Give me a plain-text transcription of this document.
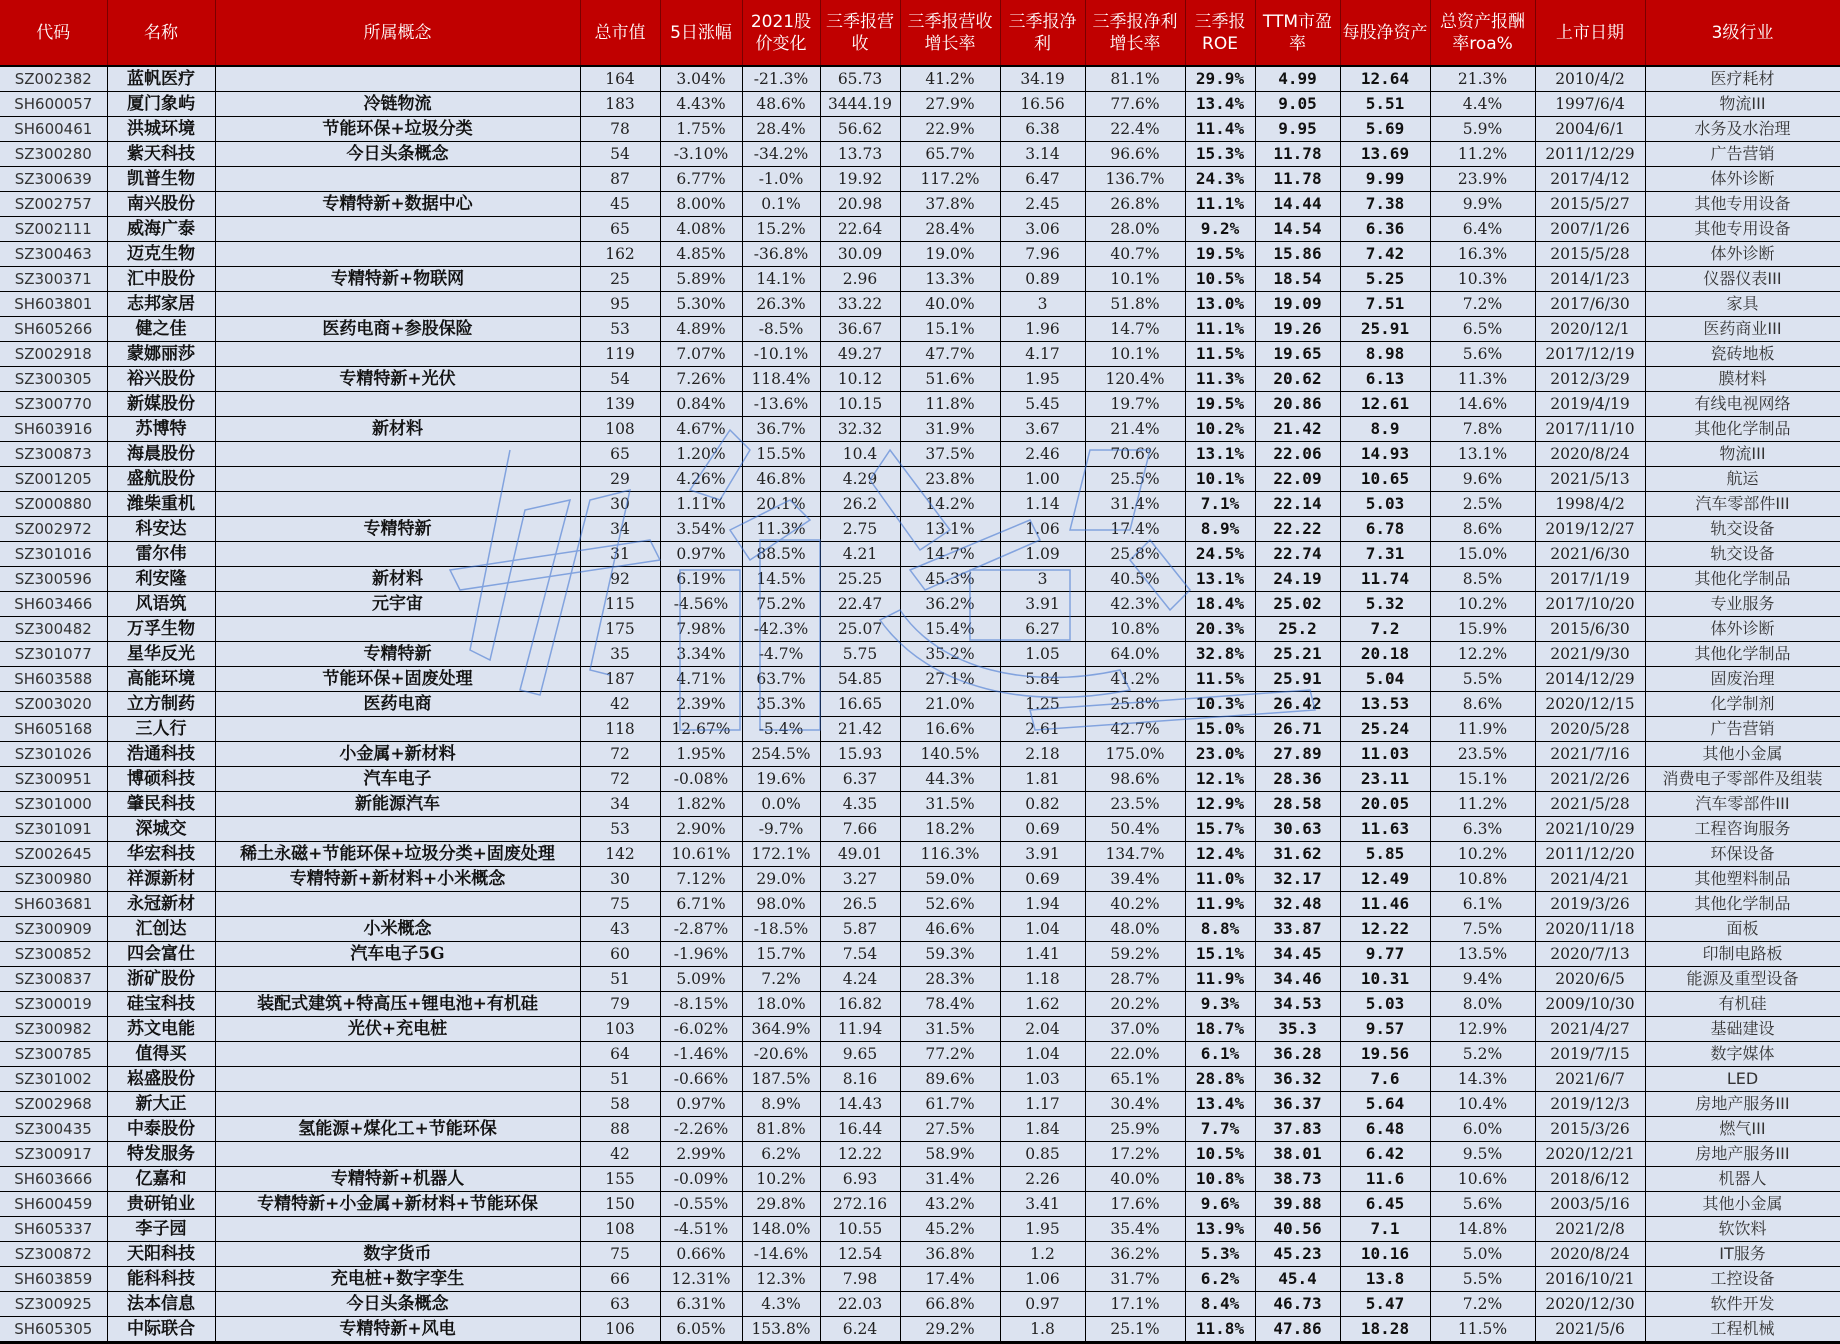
代码	名称	所属概念	总市值	5日涨幅	2021股价变化	三季报营收	三季报营收增长率	三季报净利	三季报净利增长率	三季报ROE	TTM市盈率	每股净资产	总资产报酬率roa%	上市日期	3级行业
SZ002382	蓝帆医疗		164	3.04%	-21.3%	65.73	41.2%	34.19	81.1%	29.9%	4.99	12.64	21.3%	2010/4/2	医疗耗材
SH600057	厦门象屿	冷链物流	183	4.43%	48.6%	3444.19	27.9%	16.56	77.6%	13.4%	9.05	5.51	4.4%	1997/6/4	物流III
SH600461	洪城环境	节能环保+垃圾分类	78	1.75%	28.4%	56.62	22.9%	6.38	22.4%	11.4%	9.95	5.69	5.9%	2004/6/1	水务及水治理
SZ300280	紫天科技	今日头条概念	54	-3.10%	-34.2%	13.73	65.7%	3.14	96.6%	15.3%	11.78	13.69	11.2%	2011/12/29	广告营销
SZ300639	凯普生物		87	6.77%	-1.0%	19.92	117.2%	6.47	136.7%	24.3%	11.78	9.99	23.9%	2017/4/12	体外诊断
SZ002757	南兴股份	专精特新+数据中心	45	8.00%	0.1%	20.98	37.8%	2.45	26.8%	11.1%	14.44	7.38	9.9%	2015/5/27	其他专用设备
SZ002111	威海广泰		65	4.08%	15.2%	22.64	28.4%	3.06	28.0%	9.2%	14.54	6.36	6.4%	2007/1/26	其他专用设备
SZ300463	迈克生物		162	4.85%	-36.8%	30.09	19.0%	7.96	40.7%	19.5%	15.86	7.42	16.3%	2015/5/28	体外诊断
SZ300371	汇中股份	专精特新+物联网	25	5.89%	14.1%	2.96	13.3%	0.89	10.1%	10.5%	18.54	5.25	10.3%	2014/1/23	仪器仪表III
SH603801	志邦家居		95	5.30%	26.3%	33.22	40.0%	3	51.8%	13.0%	19.09	7.51	7.2%	2017/6/30	家具
SH605266	健之佳	医药电商+参股保险	53	4.89%	-8.5%	36.67	15.1%	1.96	14.7%	11.1%	19.26	25.91	6.5%	2020/12/1	医药商业III
SZ002918	蒙娜丽莎		119	7.07%	-10.1%	49.27	47.7%	4.17	10.1%	11.5%	19.65	8.98	5.6%	2017/12/19	瓷砖地板
SZ300305	裕兴股份	专精特新+光伏	54	7.26%	118.4%	10.12	51.6%	1.95	120.4%	11.3%	20.62	6.13	11.3%	2012/3/29	膜材料
SZ300770	新媒股份		139	0.84%	-13.6%	10.15	11.8%	5.45	19.7%	19.5%	20.86	12.61	14.6%	2019/4/19	有线电视网络
SH603916	苏博特	新材料	108	4.67%	36.7%	32.32	31.9%	3.67	21.4%	10.2%	21.42	8.9	7.8%	2017/11/10	其他化学制品
SZ300873	海晨股份		65	1.20%	15.5%	10.4	37.5%	2.46	70.6%	13.1%	22.06	14.93	13.1%	2020/8/24	物流III
SZ001205	盛航股份		29	4.26%	46.8%	4.29	23.8%	1.00	25.5%	10.1%	22.09	10.65	9.6%	2021/5/13	航运
SZ000880	潍柴重机		30	1.11%	20.1%	26.2	14.2%	1.14	31.4%	7.1%	22.14	5.03	2.5%	1998/4/2	汽车零部件III
SZ002972	科安达	专精特新	34	3.54%	11.3%	2.75	13.1%	1.06	17.4%	8.9%	22.22	6.78	8.6%	2019/12/27	轨交设备
SZ301016	雷尔伟		31	0.97%	88.5%	4.21	14.7%	1.09	25.8%	24.5%	22.74	7.31	15.0%	2021/6/30	轨交设备
SZ300596	利安隆	新材料	92	6.19%	14.5%	25.25	45.3%	3	40.5%	13.1%	24.19	11.74	8.5%	2017/1/19	其他化学制品
SH603466	风语筑	元宇宙	115	-4.56%	75.2%	22.47	36.2%	3.91	42.3%	18.4%	25.02	5.32	10.2%	2017/10/20	专业服务
SZ300482	万孚生物		175	7.98%	-42.3%	25.07	15.4%	6.27	10.8%	20.3%	25.2	7.2	15.9%	2015/6/30	体外诊断
SZ301077	星华反光	专精特新	35	3.34%	-4.7%	5.75	35.2%	1.05	64.0%	32.8%	25.21	20.18	12.2%	2021/9/30	其他化学制品
SH603588	高能环境	节能环保+固废处理	187	4.71%	63.7%	54.85	27.1%	5.84	41.2%	11.5%	25.91	5.04	5.5%	2014/12/29	固废治理
SZ003020	立方制药	医药电商	42	2.39%	35.3%	16.65	21.0%	1.25	25.8%	10.3%	26.42	13.53	8.6%	2020/12/15	化学制剂
SH605168	三人行		118	12.67%	-5.4%	21.42	16.6%	2.61	42.7%	15.0%	26.71	25.24	11.9%	2020/5/28	广告营销
SZ301026	浩通科技	小金属+新材料	72	1.95%	254.5%	15.93	140.5%	2.18	175.0%	23.0%	27.89	11.03	23.5%	2021/7/16	其他小金属
SZ300951	博硕科技	汽车电子	72	-0.08%	19.6%	6.37	44.3%	1.81	98.6%	12.1%	28.36	23.11	15.1%	2021/2/26	消费电子零部件及组装
SZ301000	肇民科技	新能源汽车	34	1.82%	0.0%	4.35	31.5%	0.82	23.5%	12.9%	28.58	20.05	11.2%	2021/5/28	汽车零部件III
SZ301091	深城交		53	2.90%	-9.7%	7.66	18.2%	0.69	50.4%	15.7%	30.63	11.63	6.3%	2021/10/29	工程咨询服务
SZ002645	华宏科技	稀土永磁+节能环保+垃圾分类+固废处理	142	10.61%	172.1%	49.01	116.3%	3.91	134.7%	12.4%	31.62	5.85	10.2%	2011/12/20	环保设备
SZ300980	祥源新材	专精特新+新材料+小米概念	30	7.12%	29.0%	3.27	59.0%	0.69	39.4%	11.0%	32.17	12.49	10.8%	2021/4/21	其他塑料制品
SH603681	永冠新材		75	6.71%	98.0%	26.5	52.6%	1.94	40.2%	11.9%	32.48	11.46	6.1%	2019/3/26	其他化学制品
SZ300909	汇创达	小米概念	43	-2.87%	-18.5%	5.87	46.6%	1.04	48.0%	8.8%	33.87	12.22	7.5%	2020/11/18	面板
SZ300852	四会富仕	汽车电子5G	60	-1.96%	15.7%	7.54	59.3%	1.41	59.2%	15.1%	34.45	9.77	13.5%	2020/7/13	印制电路板
SZ300837	浙矿股份		51	5.09%	7.2%	4.24	28.3%	1.18	28.7%	11.9%	34.46	10.31	9.4%	2020/6/5	能源及重型设备
SZ300019	硅宝科技	装配式建筑+特高压+锂电池+有机硅	79	-8.15%	18.0%	16.82	78.4%	1.62	20.2%	9.3%	34.53	5.03	8.0%	2009/10/30	有机硅
SZ300982	苏文电能	光伏+充电桩	103	-6.02%	364.9%	11.94	31.5%	2.04	37.0%	18.7%	35.3	9.57	12.9%	2021/4/27	基础建设
SZ300785	值得买		64	-1.46%	-20.6%	9.65	77.2%	1.04	22.0%	6.1%	36.28	19.56	5.2%	2019/7/15	数字媒体
SZ301002	崧盛股份		51	-0.66%	187.5%	8.16	89.6%	1.03	65.1%	28.8%	36.32	7.6	14.3%	2021/6/7	LED
SZ002968	新大正		58	0.97%	8.9%	14.43	61.7%	1.17	30.4%	13.4%	36.37	5.64	10.4%	2019/12/3	房地产服务III
SZ300435	中泰股份	氢能源+煤化工+节能环保	88	-2.26%	81.8%	16.44	27.5%	1.84	25.9%	7.7%	37.83	6.48	6.0%	2015/3/26	燃气III
SZ300917	特发服务		42	2.99%	6.2%	12.22	58.9%	0.85	17.2%	10.5%	38.01	6.42	9.5%	2020/12/21	房地产服务III
SH603666	亿嘉和	专精特新+机器人	155	-0.09%	10.2%	6.93	31.4%	2.26	40.0%	10.8%	38.73	11.6	10.6%	2018/6/12	机器人
SH600459	贵研铂业	专精特新+小金属+新材料+节能环保	150	-0.55%	29.8%	272.16	43.2%	3.41	17.6%	9.6%	39.88	6.45	5.6%	2003/5/16	其他小金属
SH605337	李子园		108	-4.51%	148.0%	10.55	45.2%	1.95	35.4%	13.9%	40.56	7.1	14.8%	2021/2/8	软饮料
SZ300872	天阳科技	数字货币	75	0.66%	-14.6%	12.54	36.8%	1.2	36.2%	5.3%	45.23	10.16	5.0%	2020/8/24	IT服务
SH603859	能科科技	充电桩+数字孪生	66	12.31%	12.3%	7.98	17.4%	1.06	31.7%	6.2%	45.4	13.8	5.5%	2016/10/21	工控设备
SZ300925	法本信息	今日头条概念	63	6.31%	4.3%	22.03	66.8%	0.97	17.1%	8.4%	46.73	5.47	7.2%	2020/12/30	软件开发
SH605305	中际联合	专精特新+风电	106	6.05%	153.8%	6.24	29.2%	1.8	25.1%	11.8%	47.86	18.28	11.5%	2021/5/6	工程机械
